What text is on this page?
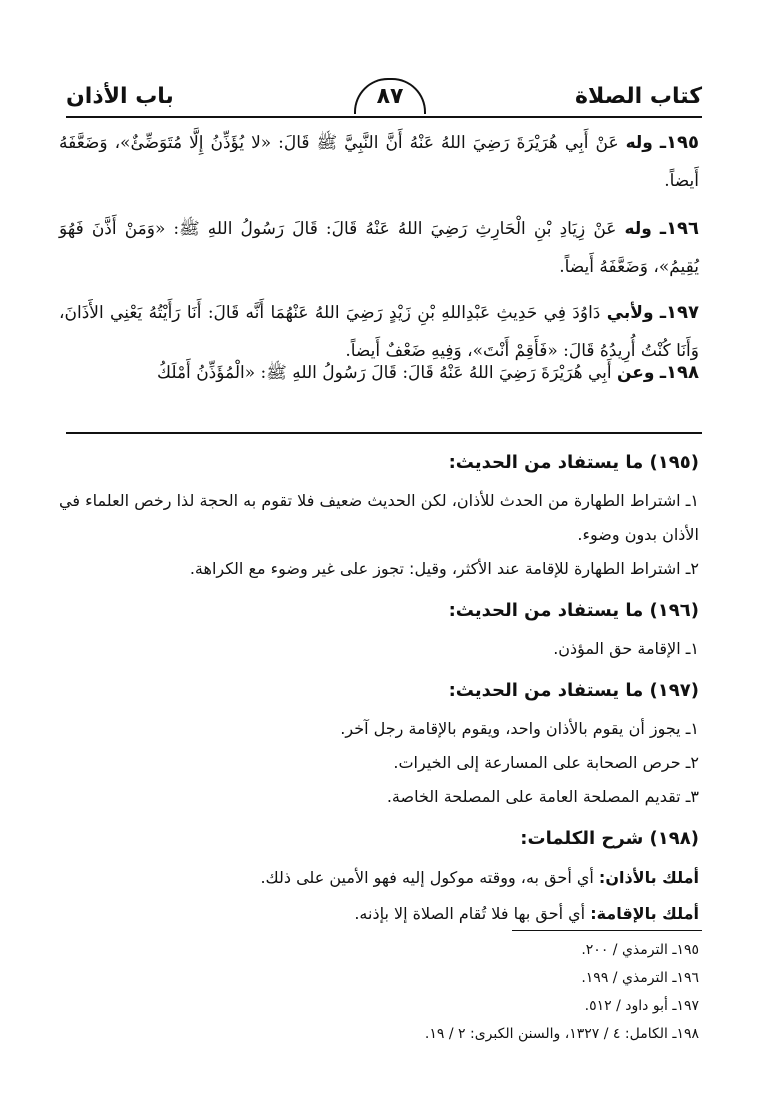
كتاب الصلاة
٨٧
باب الأذان

١٩٥ـ وله عَنْ أَبِي هُرَيْرَةَ رَضِيَ اللهُ عَنْهُ أَنَّ النَّبِيَّ ﷺ قَالَ: «لا يُؤَذِّنُ إِلَّا مُتَوَضِّئٌ»، وَضَعَّفَهُ أَيضاً.

١٩٦ـ وله عَنْ زِيَادِ بْنِ الْحَارِثِ رَضِيَ اللهُ عَنْهُ قَالَ: قَالَ رَسُولُ اللهِ ﷺ: «وَمَنْ أَذَّنَ فَهُوَ يُقِيمُ»، وَضَعَّفَهُ أَيضاً.

١٩٧ـ ولأبي دَاوُدَ فِي حَدِيثِ عَبْدِاللهِ بْنِ زَيْدٍ رَضِيَ اللهُ عَنْهُمَا أَنَّه قَالَ: أَنَا رَأَيْتُهُ يَعْنِي الأَذَانَ، وَأَنَا كُنْتُ أُرِيدُهُ قَالَ: «فَأَقِمْ أَنْتَ»، وَفِيهِ ضَعْفٌ أَيضاً.

١٩٨ـ وعن أَبِي هُرَيْرَةَ رَضِيَ اللهُ عَنْهُ قَالَ: قَالَ رَسُولُ اللهِ ﷺ: «الْمُؤَذِّنُ أَمْلَكُ

(١٩٥) ما يستفاد من الحديث:

١ـ اشتراط الطهارة من الحدث للأذان، لكن الحديث ضعيف فلا تقوم به الحجة لذا رخص العلماء في الأذان بدون وضوء.

٢ـ اشتراط الطهارة للإقامة عند الأكثر، وقيل: تجوز على غير وضوء مع الكراهة.

(١٩٦) ما يستفاد من الحديث:

١ـ الإقامة حق المؤذن.

(١٩٧) ما يستفاد من الحديث:

١ـ يجوز أن يقوم بالأذان واحد، ويقوم بالإقامة رجل آخر.

٢ـ حرص الصحابة على المسارعة إلى الخيرات.

٣ـ تقديم المصلحة العامة على المصلحة الخاصة.

(١٩٨) شرح الكلمات:

أملك بالأذان: أي أحق به، ووقته موكول إليه فهو الأمين على ذلك.

أملك بالإقامة: أي أحق بها فلا تُقام الصلاة إلا بإذنه.

١٩٥ـ الترمذي / ٢٠٠.

١٩٦ـ الترمذي / ١٩٩.

١٩٧ـ أبو داود / ٥١٢.

١٩٨ـ الكامل: ٤ / ١٣٢٧، والسنن الكبرى: ٢ / ١٩.
